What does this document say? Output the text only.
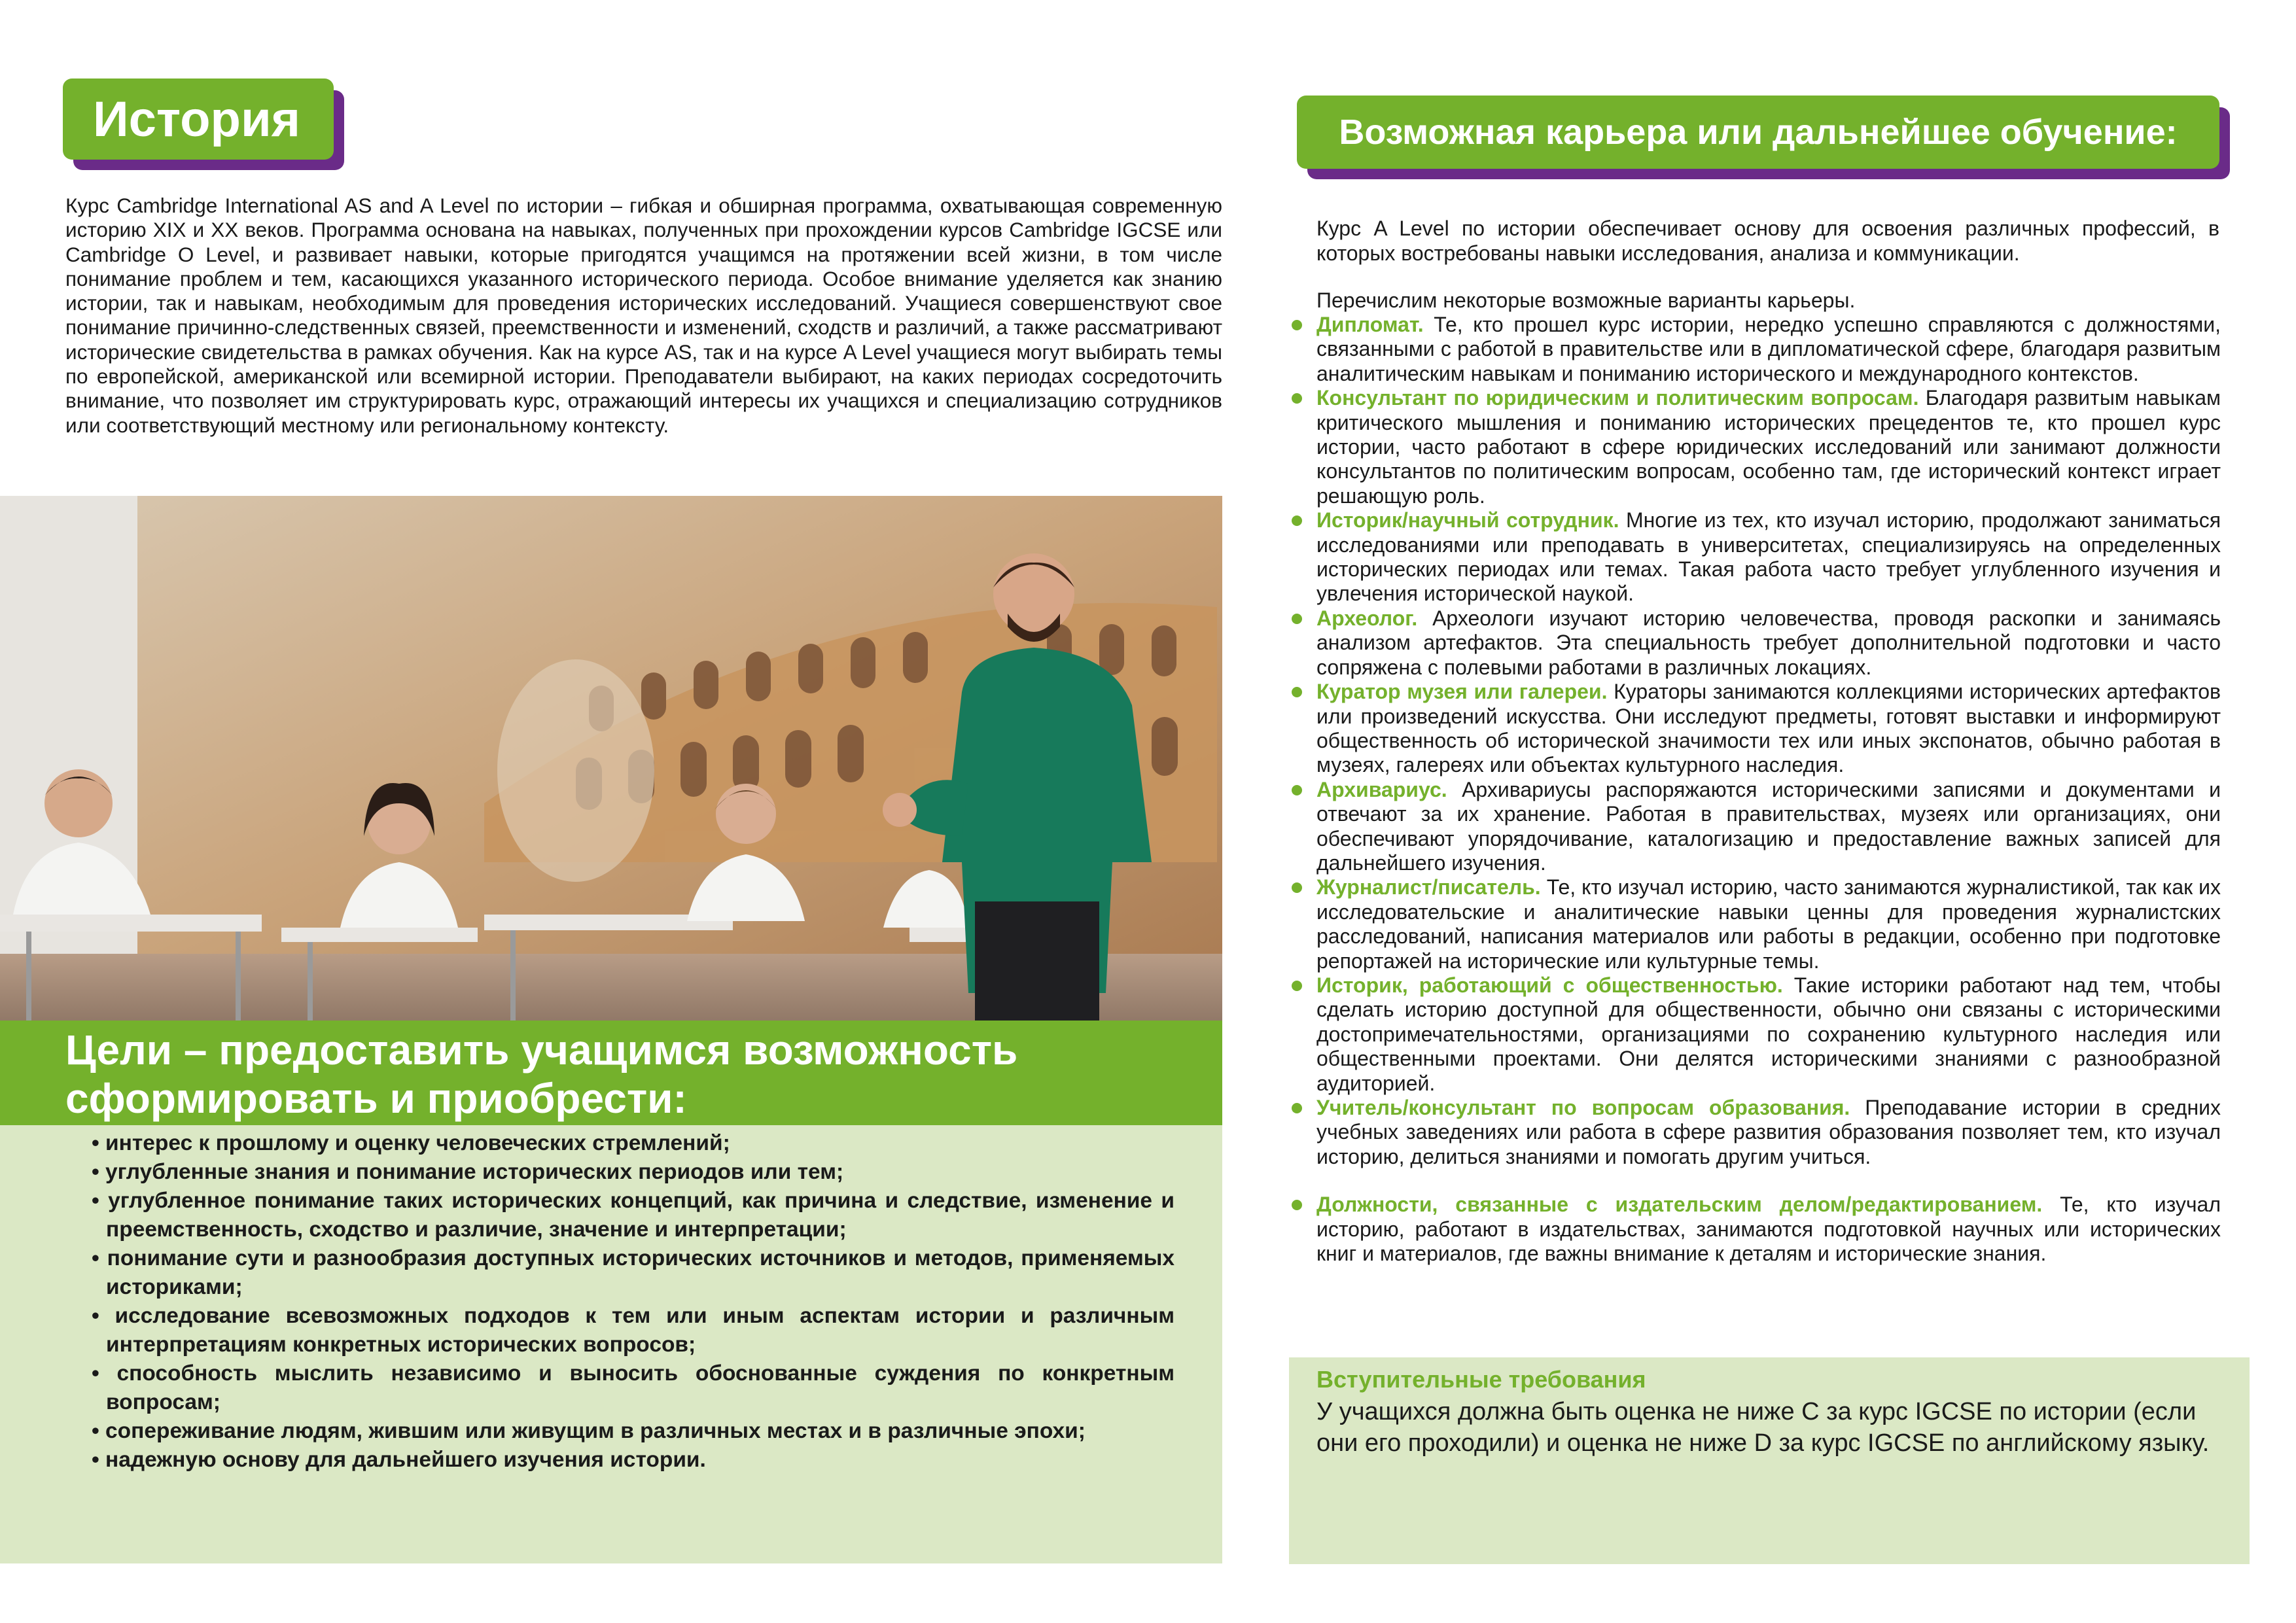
История
Курс Cambridge International AS and A Level по истории – гибкая и обширная программа, охватывающая современную историю XIX и XX веков. Программа основана на навыках, полученных при прохождении курсов Cambridge IGCSE или Cambridge O Level, и развивает навыки, которые пригодятся учащимся на протяжении всей жизни, в том числе понимание проблем и тем, касающихся указанного исторического периода. Особое внимание уделяется как знанию истории, так и навыкам, необходимым для проведения исторических исследований. Учащиеся совершенствуют свое понимание причинно-следственных связей, преемственности и изменений, сходств и различий, а также рассматривают исторические свидетельства в рамках обучения. Как на курсе AS, так и на курсе A Level учащиеся могут выбирать темы по европейской, американской или всемирной истории. Преподаватели выбирают, на каких периодах сосредоточить внимание, что позволяет им структурировать курс, отражающий интересы их учащихся и специализацию сотрудников или соответствующий местному или региональному контексту.
Цели – предоставить учащимся возможность сформировать и приобрести:
• интерес к прошлому и оценку человеческих стремлений;
• углубленные знания и понимание исторических периодов или тем;
• углубленное понимание таких исторических концепций, как причина и следствие, изменение и преемственность, сходство и различие, значение и интерпретации;
• понимание сути и разнообразия доступных исторических источников и методов, применяемых историками;
• исследование всевозможных подходов к тем или иным аспектам истории и различным интерпретациям конкретных исторических вопросов;
• способность мыслить независимо и выносить обоснованные суждения по конкретным вопросам;
• сопереживание людям, жившим или живущим в различных местах и в различные эпохи;
• надежную основу для дальнейшего изучения истории.
Возможная карьера или дальнейшее обучение:
Курс A Level по истории обеспечивает основу для освоения различных профессий, в которых востребованы навыки исследования, анализа и коммуникации.
Перечислим некоторые возможные варианты карьеры.
Дипломат. Те, кто прошел курс истории, нередко успешно справляются с должностями, связанными с работой в правительстве или в дипломатической сфере, благодаря развитым аналитическим навыкам и пониманию исторического и международного контекстов.
Консультант по юридическим и политическим вопросам. Благодаря развитым навыкам критического мышления и пониманию исторических прецедентов те, кто прошел курс истории, часто работают в сфере юридических исследований или занимают должности консультантов по политическим вопросам, особенно там, где исторический контекст играет решающую роль.
Историк/научный сотрудник. Многие из тех, кто изучал историю, продолжают заниматься исследованиями или преподавать в университетах, специализируясь на определенных исторических периодах или темах. Такая работа часто требует углубленного изучения и увлечения исторической наукой.
Археолог. Археологи изучают историю человечества, проводя раскопки и занимаясь анализом артефактов. Эта специальность требует дополнительной подготовки и часто сопряжена с полевыми работами в различных локациях.
Куратор музея или галереи. Кураторы занимаются коллекциями исторических артефактов или произведений искусства. Они исследуют предметы, готовят выставки и информируют общественность об исторической значимости тех или иных экспонатов, обычно работая в музеях, галереях или объектах культурного наследия.
Архивариус. Архивариусы распоряжаются историческими записями и документами и отвечают за их хранение. Работая в правительствах, музеях или организациях, они обеспечивают упорядочивание, каталогизацию и предоставление важных записей для дальнейшего изучения.
Журналист/писатель. Те, кто изучал историю, часто занимаются журналистикой, так как их исследовательские и аналитические навыки ценны для проведения журналистских расследований, написания материалов или работы в редакции, особенно при подготовке репортажей на исторические или культурные темы.
Историк, работающий с общественностью. Такие историки работают над тем, чтобы сделать историю доступной для общественности, обычно они связаны с историческими достопримечательностями, организациями по сохранению культурного наследия или общественными проектами. Они делятся историческими знаниями с разнообразной аудиторией.
Учитель/консультант по вопросам образования. Преподавание истории в средних учебных заведениях или работа в сфере развития образования позволяет тем, кто изучал историю, делиться знаниями и помогать другим учиться.
Должности, связанные с издательским делом/редактированием. Те, кто изучал историю, работают в издательствах, занимаются подготовкой научных или исторических книг и материалов, где важны внимание к деталям и исторические знания.
Вступительные требования
У учащихся должна быть оценка не ниже C за курс IGCSE по истории (если они его проходили) и оценка не ниже D за курс IGCSE по английскому языку.
